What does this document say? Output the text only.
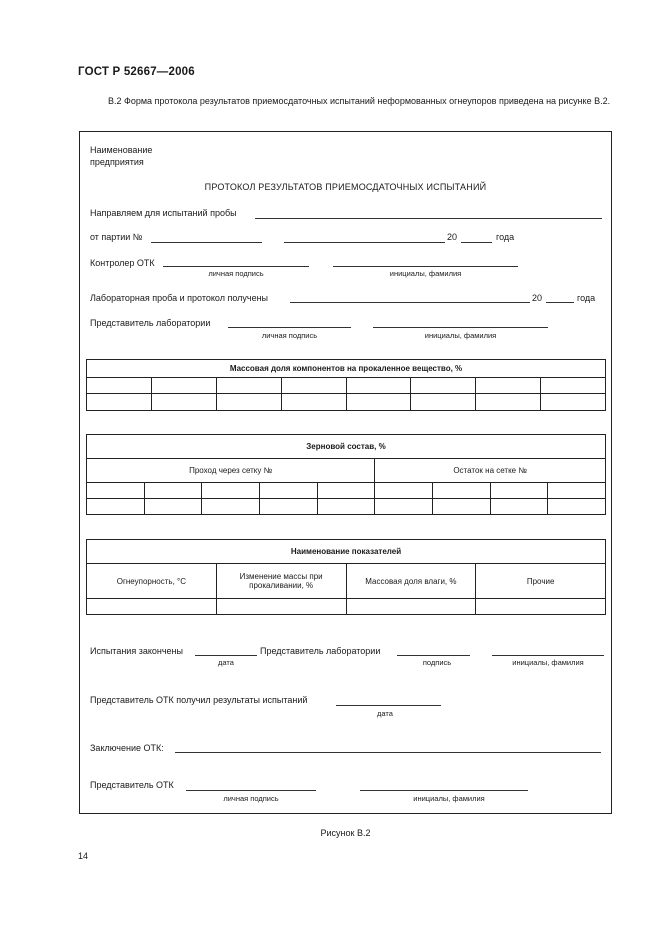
ГОСТ Р 52667—2006
В.2 Форма протокола результатов приемосдаточных испытаний неформованных огнеупоров приведена на рисунке В.2.
Наименование
предприятия
ПРОТОКОЛ РЕЗУЛЬТАТОВ ПРИЕМОСДАТОЧНЫХ ИСПЫТАНИЙ
Направляем для испытаний пробы
от партии №	20	года
Контролер ОТК
личная подпись	инициалы, фамилия
Лабораторная проба и протокол получены	20	года
Представитель лаборатории
личная подпись	инициалы, фамилия
Массовая доля компонентов на прокаленное вещество, %							

Зерновой состав, %								
Проход через сетку №					Остаток на сетке №			

Наименование показателей			
Огнеупорность, °С	Изменение массы при
прокаливании, %	Массовая доля влаги, %	Прочие

Испытания закончены
дата
Представитель лаборатории
подпись	инициалы, фамилия
Представитель ОТК получил результаты испытаний
дата
Заключение ОТК:
Представитель ОТК
личная подпись	инициалы, фамилия
Рисунок В.2
14
